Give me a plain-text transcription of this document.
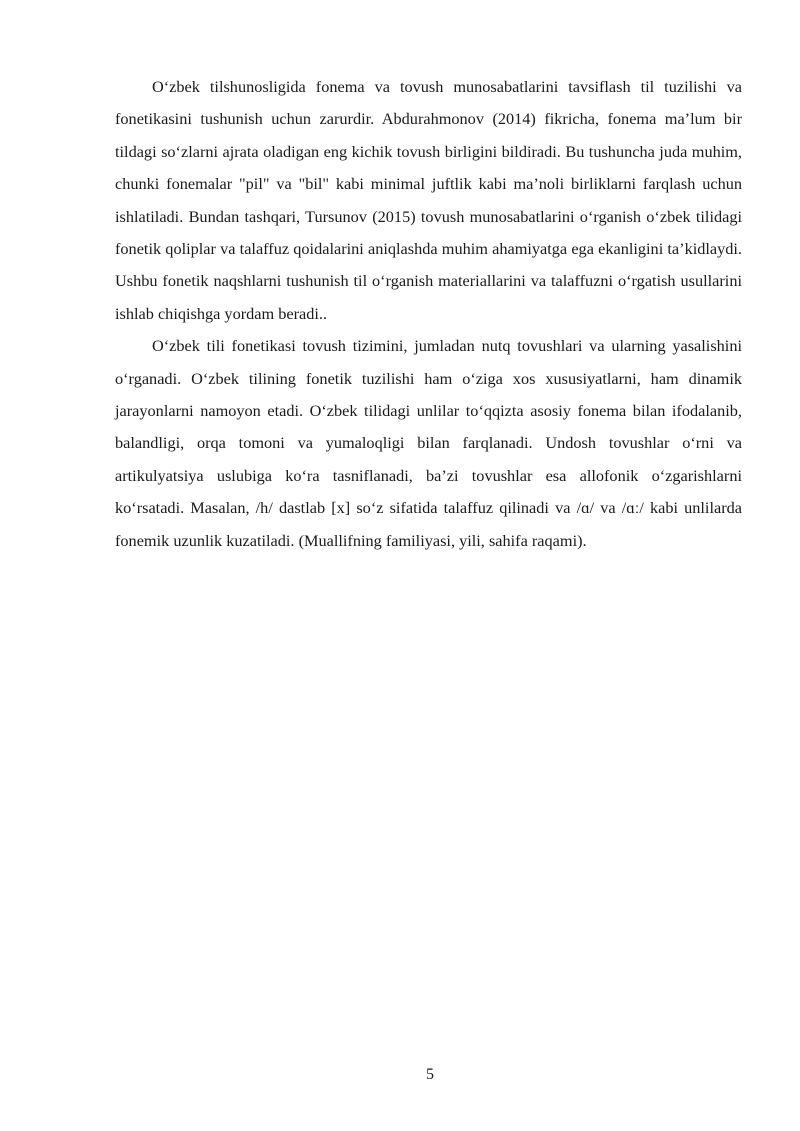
O‘zbek tilshunosligida fonema va tovush munosabatlarini tavsiflash til tuzilishi va fonetikasini tushunish uchun zarurdir. Abdurahmonov (2014) fikricha, fonema ma’lum bir tildagi so‘zlarni ajrata oladigan eng kichik tovush birligini bildiradi. Bu tushuncha juda muhim, chunki fonemalar "pil" va "bil" kabi minimal juftlik kabi maʼnoli birliklarni farqlash uchun ishlatiladi. Bundan tashqari, Tursunov (2015) tovush munosabatlarini o‘rganish o‘zbek tilidagi fonetik qoliplar va talaffuz qoidalarini aniqlashda muhim ahamiyatga ega ekanligini ta’kidlaydi. Ushbu fonetik naqshlarni tushunish til o‘rganish materiallarini va talaffuzni o‘rgatish usullarini ishlab chiqishga yordam beradi..

O‘zbek tili fonetikasi tovush tizimini, jumladan nutq tovushlari va ularning yasalishini o‘rganadi. O‘zbek tilining fonetik tuzilishi ham o‘ziga xos xususiyatlarni, ham dinamik jarayonlarni namoyon etadi. O‘zbek tilidagi unlilar to‘qqizta asosiy fonema bilan ifodalanib, balandligi, orqa tomoni va yumaloqligi bilan farqlanadi. Undosh tovushlar o‘rni va artikulyatsiya uslubiga ko‘ra tasniflanadi, ba’zi tovushlar esa allofonik o‘zgarishlarni ko‘rsatadi. Masalan, /h/ dastlab [x] so‘z sifatida talaffuz qilinadi va /ɑ/ va /ɑː/ kabi unlilarda fonemik uzunlik kuzatiladi. (Muallifning familiyasi, yili, sahifa raqami).

5
